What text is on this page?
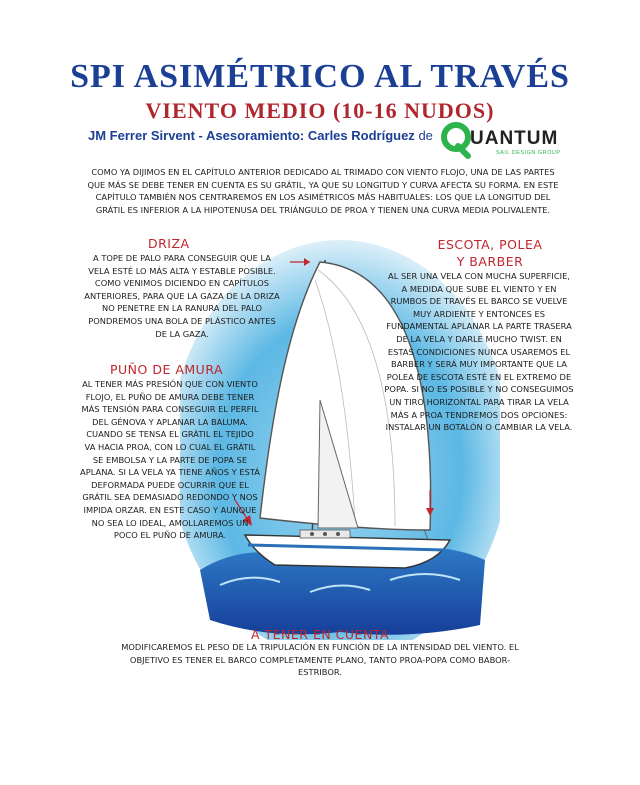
SPI ASIMÉTRICO AL TRAVÉS
VIENTO MEDIO (10-16 NUDOS)
JM Ferrer Sirvent - Asesoramiento: Carles Rodríguez de UANTUM
SAIL DESIGN GROUP
COMO YA DIJIMOS EN EL CAPÍTULO ANTERIOR DEDICADO AL TRIMADO CON VIENTO FLOJO, UNA DE LAS PARTES QUE MÁS SE DEBE TENER EN CUENTA ES SU GRÁTIL, YA QUE SU LONGITUD Y CURVA AFECTA SU FORMA. EN ESTE CAPÍTULO TAMBIÉN NOS CENTRAREMOS EN LOS ASIMÉTRICOS MÁS HABITUALES: LOS QUE LA LONGITUD DEL GRÁTIL ES INFERIOR A LA HIPOTENUSA DEL TRIÁNGULO DE PROA Y TIENEN UNA CURVA MEDIA POLIVALENTE.
DRIZA
A TOPE DE PALO PARA CONSEGUIR QUE LA VELA ESTÉ LO MÁS ALTA Y ESTABLE POSIBLE. COMO VENIMOS DICIENDO EN CAPÍTULOS ANTERIORES, PARA QUE LA GAZA DE LA DRIZA NO PENETRE EN LA RANURA DEL PALO PONDREMOS UNA BOLA DE PLÁSTICO ANTES DE LA GAZA.
PUÑO DE AMURA
AL TENER MÁS PRESIÓN QUE CON VIENTO FLOJO, EL PUÑO DE AMURA DEBE TENER MÁS TENSIÓN PARA CONSEGUIR EL PERFIL DEL GÉNOVA Y APLANAR LA BALUMA. CUANDO SE TENSA EL GRÀTIL EL TEJIDO VA HACIA PROA, CON LO CUAL EL GRÁTIL SE EMBOLSA Y LA PARTE DE POPA SE APLANA. SI LA VELA YA TIENE AÑOS Y ESTÁ DEFORMADA PUEDE OCURRIR QUE EL GRÁTIL SEA DEMASIADO REDONDO Y NOS IMPIDA ORZAR. EN ESTE CASO Y AUNQUE NO SEA LO IDEAL, AMOLLAREMOS UN POCO EL PUÑO DE AMURA.
ESCOTA, POLEA
Y BARBER
AL SER UNA VELA CON MUCHA SUPERFICIE, A MEDIDA QUE SUBE EL VIENTO Y EN RUMBOS DE TRAVÉS EL BARCO SE VUELVE MUY ARDIENTE Y ENTONCES ES FUNDAMENTAL APLANAR LA PARTE TRASERA DE LA VELA Y DARLE MUCHO TWIST. EN ESTAS CONDICIONES NUNCA USAREMOS EL BARBER Y SERÁ MUY IMPORTANTE QUE LA POLEA DE ESCOTA ESTÉ EN EL EXTREMO DE POPA. SI NO ES POSIBLE Y NO CONSEGUIMOS UN TIRO HORIZONTAL PARA TIRAR LA VELA MÁS A PROA TENDREMOS DOS OPCIONES: INSTALAR UN BOTALÓN O CAMBIAR LA VELA.
A TENER EN CUENTA
MODIFICAREMOS EL PESO DE LA TRIPULACIÓN EN FUNCIÓN DE LA INTENSIDAD DEL VIENTO. EL OBJETIVO ES TENER EL BARCO COMPLETAMENTE PLANO, TANTO PROA-POPA COMO BABOR-ESTRIBOR.
